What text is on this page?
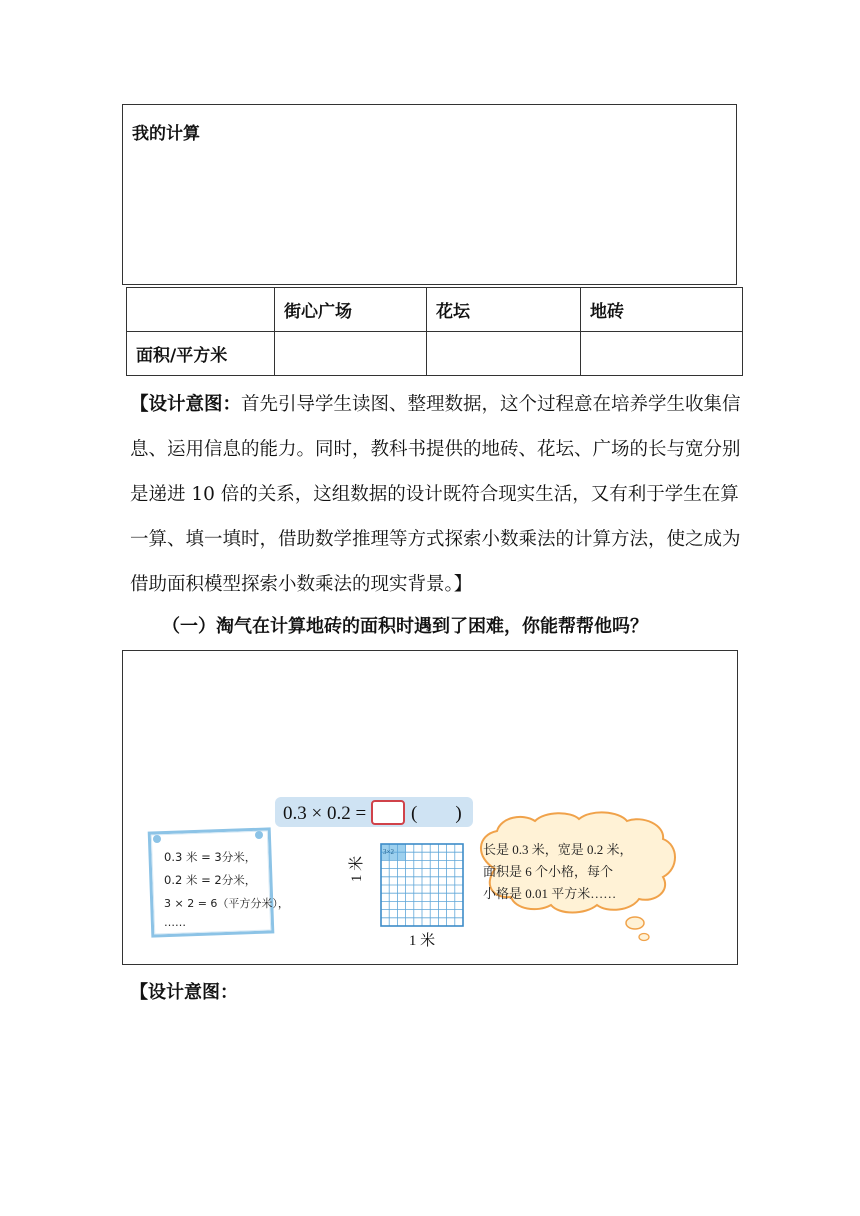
我的计算
	街心广场	花坛	地砖
面积/平方米			
【设计意图：首先引导学生读图、整理数据，这个过程意在培养学生收集信息、运用信息的能力。同时，教科书提供的地砖、花坛、广场的长与宽分别是递进 10 倍的关系，这组数据的设计既符合现实生活，又有利于学生在算一算、填一填时，借助数学推理等方式探索小数乘法的计算方法，使之成为借助面积模型探索小数乘法的现实背景。】
（一）淘气在计算地砖的面积时遇到了困难，你能帮帮他吗？
0.3 × 0.2 = (        )
0.3 米 = 3分米，
0.2 米 = 2分米，
3 × 2 = 6（平方分米），
……
3×2
1 米
1 米
长是 0.3 米，宽是 0.2 米，
面积是 6 个小格，每个
小格是 0.01 平方米……
【设计意图：
